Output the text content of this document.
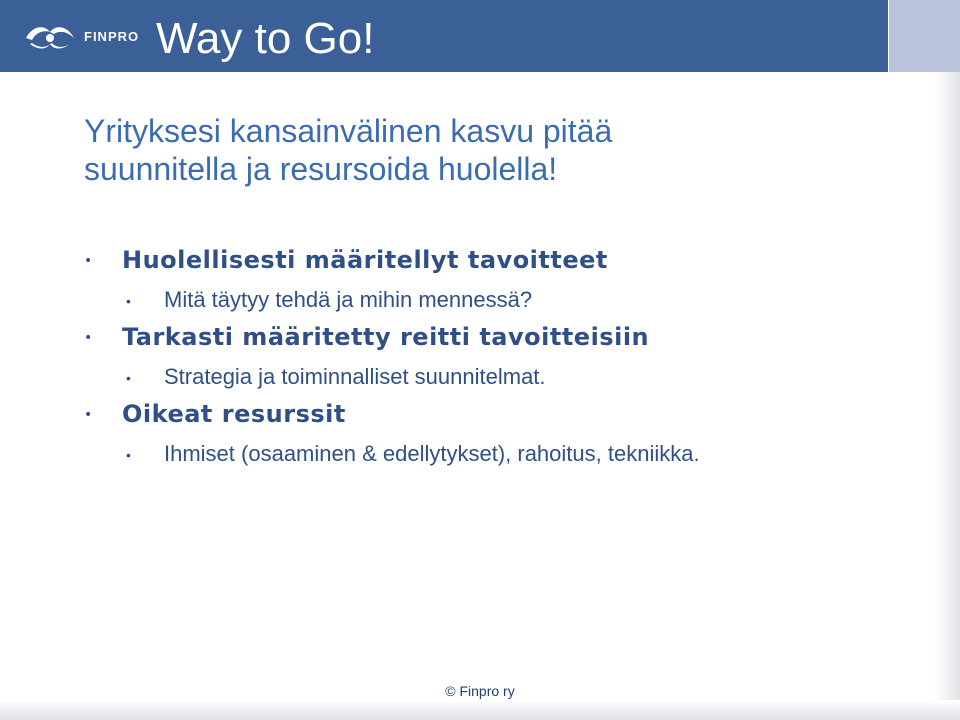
FINPRO Way to Go!
Yrityksesi kansainvälinen kasvu pitää
suunnitella ja resursoida huolella!
• Huolellisesti määritellyt tavoitteet
• Mitä täytyy tehdä ja mihin mennessä?
• Tarkasti määritetty reitti tavoitteisiin
• Strategia ja toiminnalliset suunnitelmat.
• Oikeat resurssit
• Ihmiset (osaaminen & edellytykset), rahoitus, tekniikka.
© Finpro ry
